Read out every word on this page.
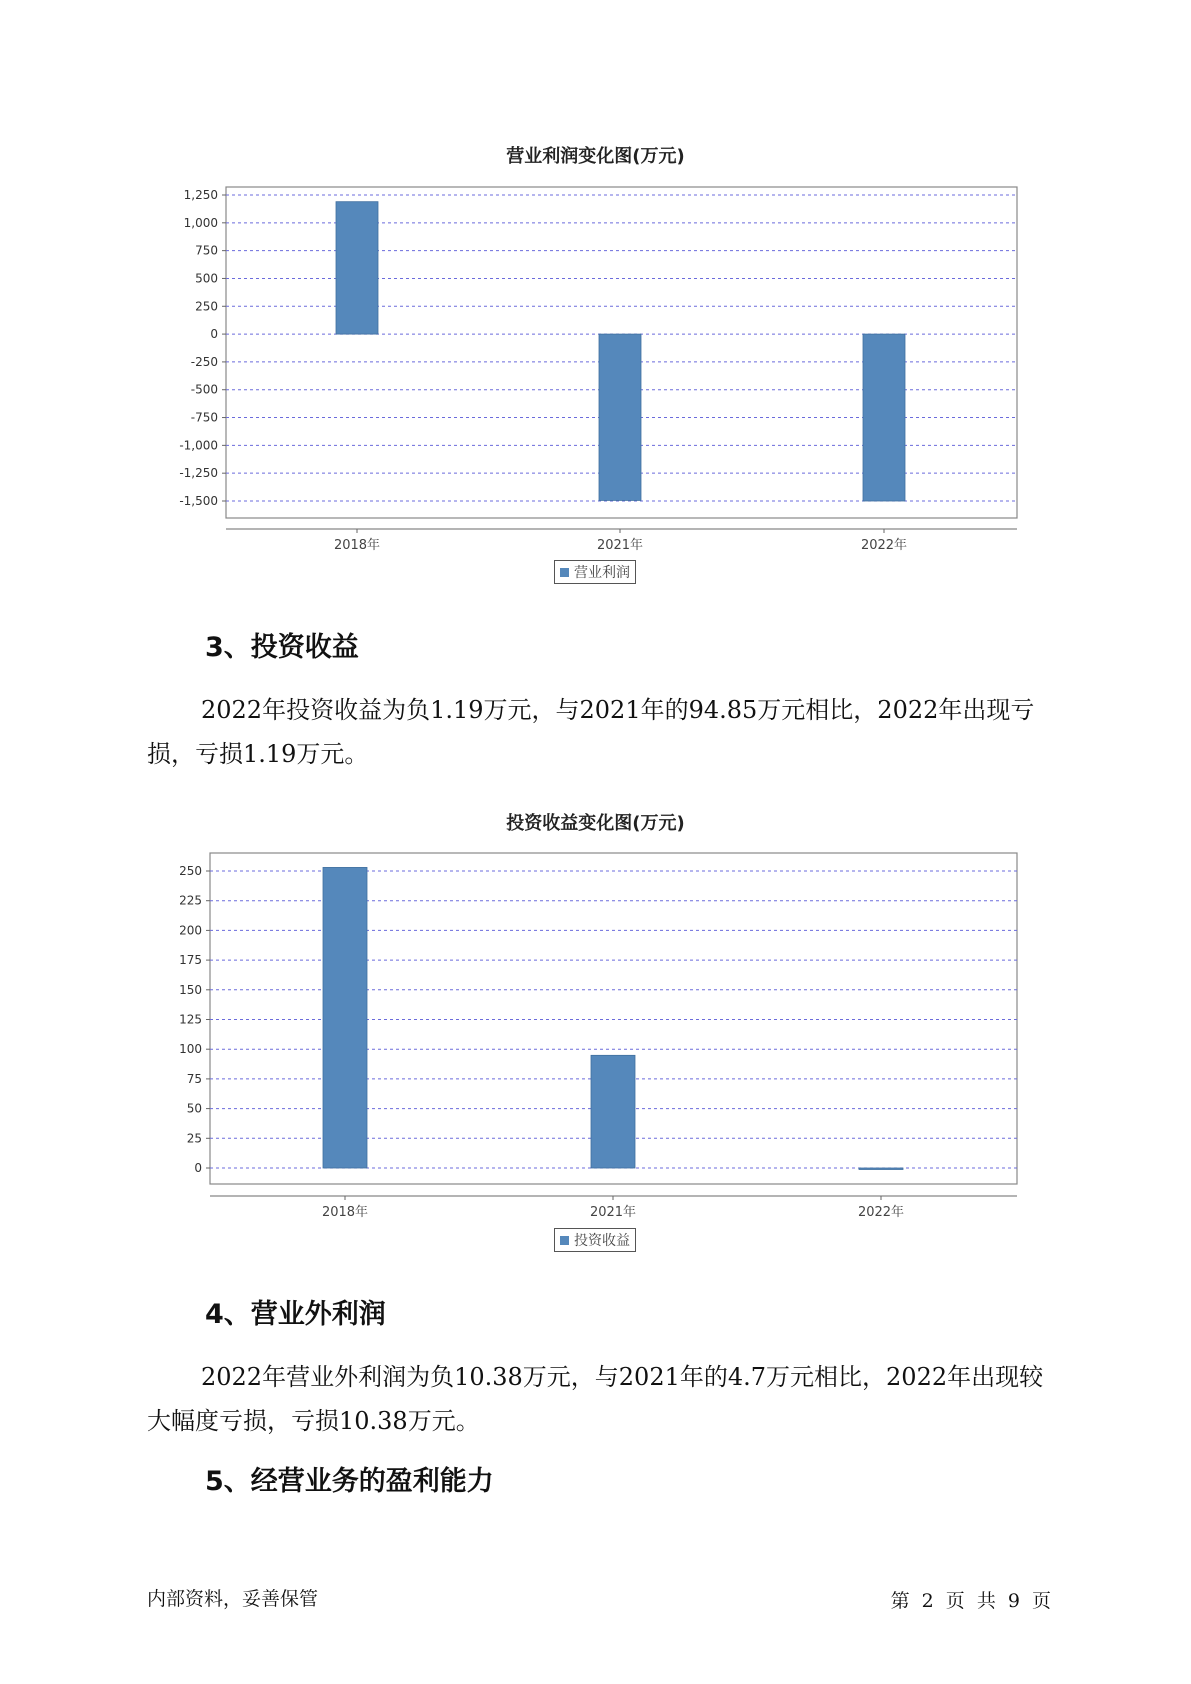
营业利润变化图(万元)
1,250
1,000
750
500
250
0
-250
-500
-750
-1,000
-1,250
-1,500
2018年	2021年	2022年
营业利润
3、投资收益
2022年投资收益为负1.19万元，与2021年的94.85万元相比，2022年出现亏损，亏损1.19万元。
投资收益变化图(万元)
250
225
200
175
150
125
100
75
50
25
0
2018年	2021年	2022年
投资收益
4、营业外利润
2022年营业外利润为负10.38万元，与2021年的4.7万元相比，2022年出现较大幅度亏损，亏损10.38万元。
5、经营业务的盈利能力
内部资料，妥善保管	第 2 页 共 9 页
